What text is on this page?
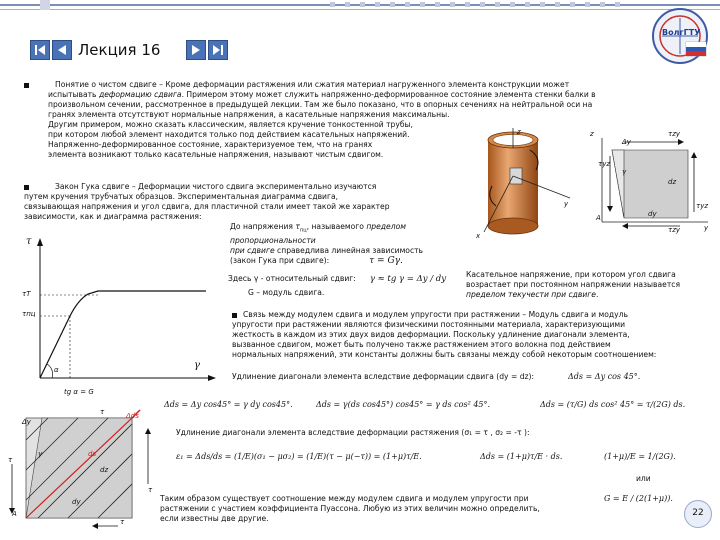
ВолгГТУ
Лекция 16
Понятие о чистом сдвиге – Кроме деформации растяжения или сжатия материал нагруженного элемента конструкции может
испытывать деформацию сдвига. Примером этому может служить напряженно-деформированное состояние элемента стенки балки в
произвольном сечении, рассмотренное в предыдущей лекции. Там же было показано, что в опорных сечениях на нейтральной оси на
гранях элемента отсутствуют нормальные напряжения, а касательные напряжения максимальны.
Другим примером, можно сказать классическим, является кручение тонкостенной трубы,
при котором любой элемент находится только под действием касательных напряжений.
Напряженно-деформированное состояние, характеризуемое тем, что на гранях
элемента возникают только касательные напряжения, называют чистым сдвигом.
z
y
x
z
y
Δy
τzy
τyz
γ
dz
dy
A
τyz
τzy
Закон Гука сдвиге – Деформации чистого сдвига экспериментально изучаются
путем кручения трубчатых образцов. Экспериментальная диаграмма сдвига,
связывающая напряжения и угол сдвига, для пластичной стали имеет такой же характер
зависимости, как и диаграмма растяжения:
До напряжения $\tau_{пц}$, называемого пределом пропорциональности
при сдвиге справедлива линейная зависимость
(закон Гука при сдвиге):	τ = Gγ.
τ
γ
τТ
τпц
α
tg α = G
Здесь γ - относительный сдвиг: γ ≈ tg γ = Δy / dy
G – модуль сдвига.
Касательное напряжение, при котором угол сдвига
возрастает при постоянном напряжении называется
пределом текучести при сдвиге.
Связь между модулем сдвига и модулем упругости при растяжении – Модуль сдвига и модуль
упругости при растяжении являются физическими постоянными материала, характеризующими
жесткость в каждом из этих двух видов деформации. Поскольку удлинение диагонали элемента,
вызванное сдвигом, может быть получено также растяжением этого волокна под действием
нормальных напряжений, эти константы должны быть связаны между собой некоторым соотношением:
Удлинение диагонали элемента вследствие деформации сдвига (dy = dz):	Δds = Δy cos 45°.
Δds = Δy cos45° = γ dy cos45°.	Δds = γ(ds cos45°) cos45° = γ ds cos² 45°.	Δds = (τ/G) ds cos² 45° = τ/(2G) ds.
Удлинение диагонали элемента вследствие деформации растяжения (σ₁ = τ , σ₂ = -τ ):
ε₁ = Δds/ds = (1/E)(σ₁ − μσ₂) = (1/E)(τ − μ(−τ)) = (1+μ)τ/E.	Δds = (1+μ)τ/E · ds.	(1+μ)/E = 1/(2G).
или
G = E / (2(1+μ)).
Таким образом существует соотношение между модулем сдвига и модулем упругости при
растяжении с участием коэффициента Пуассона. Любую из этих величин можно определить,
если известны две другие.
Δy
τ	Δds
γ	ds
dz
τ
dy
A
τ
τ
22
